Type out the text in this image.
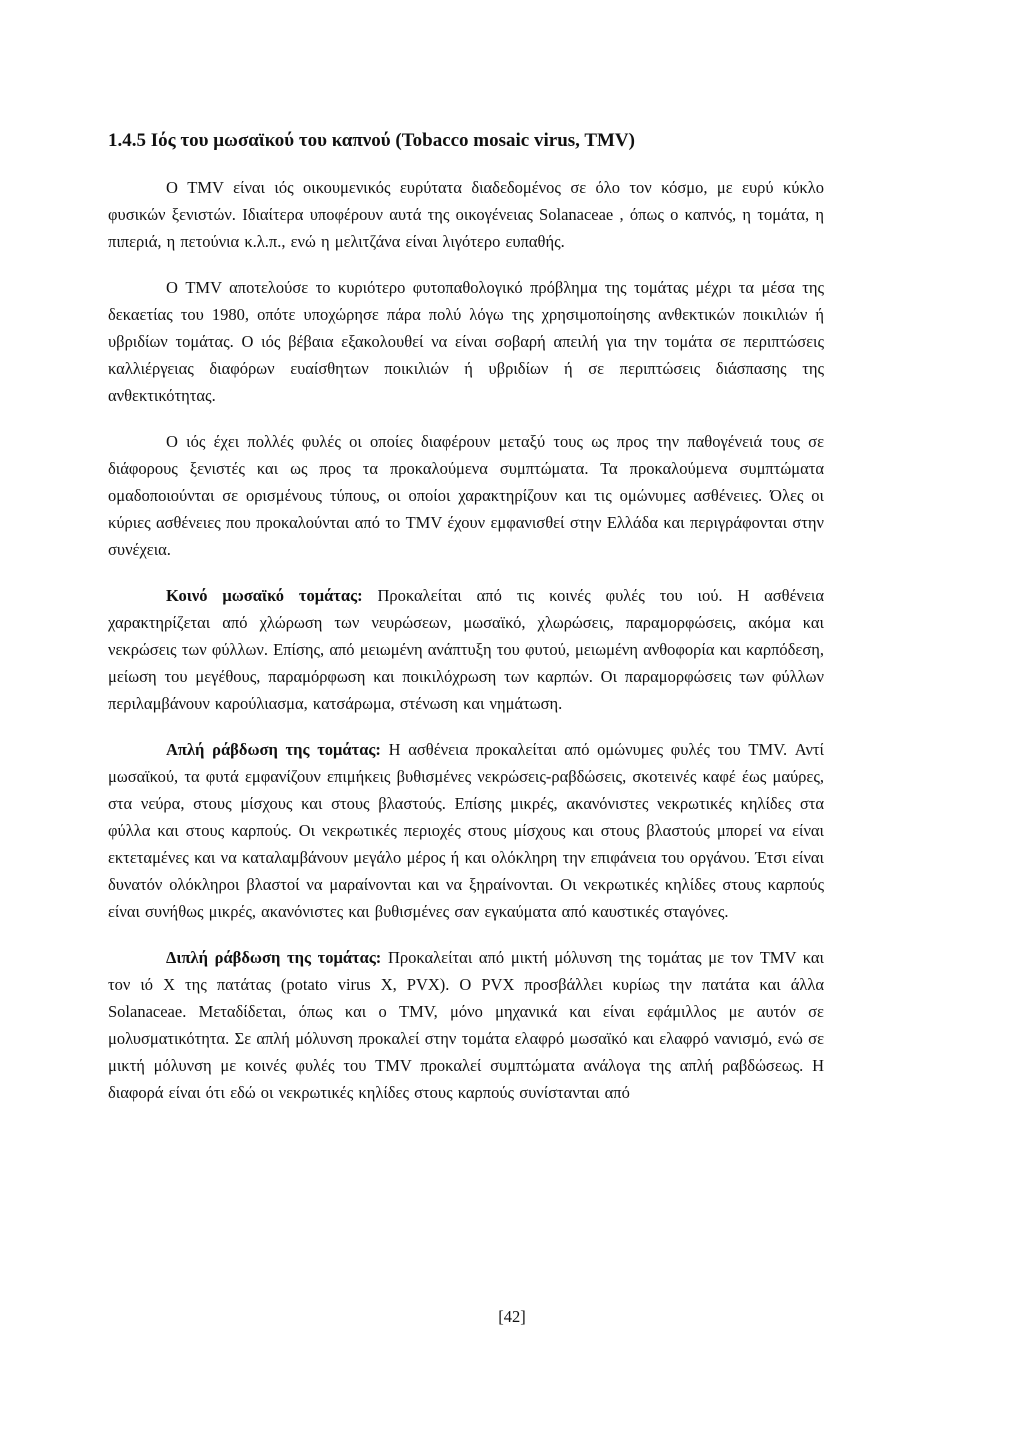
1.4.5 Ιός του μωσαϊκού του καπνού (Tobacco mosaic virus, TMV)

Ο TMV είναι ιός οικουμενικός ευρύτατα διαδεδομένος σε όλο τον κόσμο, με ευρύ κύκλο φυσικών ξενιστών. Ιδιαίτερα υποφέρουν αυτά της οικογένειας Solanaceae , όπως ο καπνός, η τομάτα, η πιπεριά, η πετούνια κ.λ.π., ενώ η μελιτζάνα είναι λιγότερο ευπαθής.

Ο TMV αποτελούσε το κυριότερο φυτοπαθολογικό πρόβλημα της τομάτας μέχρι τα μέσα της δεκαετίας του 1980, οπότε υποχώρησε πάρα πολύ λόγω της χρησιμοποίησης ανθεκτικών ποικιλιών ή υβριδίων τομάτας. Ο ιός βέβαια εξακολουθεί να είναι σοβαρή απειλή για την τομάτα σε περιπτώσεις καλλιέργειας διαφόρων ευαίσθητων ποικιλιών ή υβριδίων ή σε περιπτώσεις διάσπασης της ανθεκτικότητας.

Ο ιός έχει πολλές φυλές οι οποίες διαφέρουν μεταξύ τους ως προς την παθογένειά τους σε διάφορους ξενιστές και ως προς τα προκαλούμενα συμπτώματα. Τα προκαλούμενα συμπτώματα ομαδοποιούνται σε ορισμένους τύπους, οι οποίοι χαρακτηρίζουν και τις ομώνυμες ασθένειες. Όλες οι κύριες ασθένειες που προκαλούνται από το TMV έχουν εμφανισθεί στην Ελλάδα και περιγράφονται στην συνέχεια.

Κοινό μωσαϊκό τομάτας: Προκαλείται από τις κοινές φυλές του ιού. Η ασθένεια χαρακτηρίζεται από χλώρωση των νευρώσεων, μωσαϊκό, χλωρώσεις, παραμορφώσεις, ακόμα και νεκρώσεις των φύλλων. Επίσης, από μειωμένη ανάπτυξη του φυτού, μειωμένη ανθοφορία και καρπόδεση, μείωση του μεγέθους, παραμόρφωση και ποικιλόχρωση των καρπών. Οι παραμορφώσεις των φύλλων περιλαμβάνουν καρούλιασμα, κατσάρωμα, στένωση και νημάτωση.

Απλή ράβδωση της τομάτας: Η ασθένεια προκαλείται από ομώνυμες φυλές του TMV. Αντί μωσαϊκού, τα φυτά εμφανίζουν επιμήκεις βυθισμένες νεκρώσεις-ραβδώσεις, σκοτεινές καφέ έως μαύρες, στα νεύρα, στους μίσχους και στους βλαστούς. Επίσης μικρές, ακανόνιστες νεκρωτικές κηλίδες στα φύλλα και στους καρπούς. Οι νεκρωτικές περιοχές στους μίσχους και στους βλαστούς μπορεί να είναι εκτεταμένες και να καταλαμβάνουν μεγάλο μέρος ή και ολόκληρη την επιφάνεια του οργάνου. Έτσι είναι δυνατόν ολόκληροι βλαστοί να μαραίνονται και να ξηραίνονται. Οι νεκρωτικές κηλίδες στους καρπούς είναι συνήθως μικρές, ακανόνιστες και βυθισμένες σαν εγκαύματα από καυστικές σταγόνες.

Διπλή ράβδωση της τομάτας: Προκαλείται από μικτή μόλυνση της τομάτας με τον TMV και τον ιό Χ της πατάτας (potato virus X, PVX). Ο PVX προσβάλλει κυρίως την πατάτα και άλλα Solanaceae. Μεταδίδεται, όπως και ο TMV, μόνο μηχανικά και είναι εφάμιλλος με αυτόν σε μολυσματικότητα. Σε απλή μόλυνση προκαλεί στην τομάτα ελαφρό μωσαϊκό και ελαφρό νανισμό, ενώ σε μικτή μόλυνση με κοινές φυλές του TMV προκαλεί συμπτώματα ανάλογα της απλή ραβδώσεως. Η διαφορά είναι ότι εδώ οι νεκρωτικές κηλίδες στους καρπούς συνίστανται από

[42]
